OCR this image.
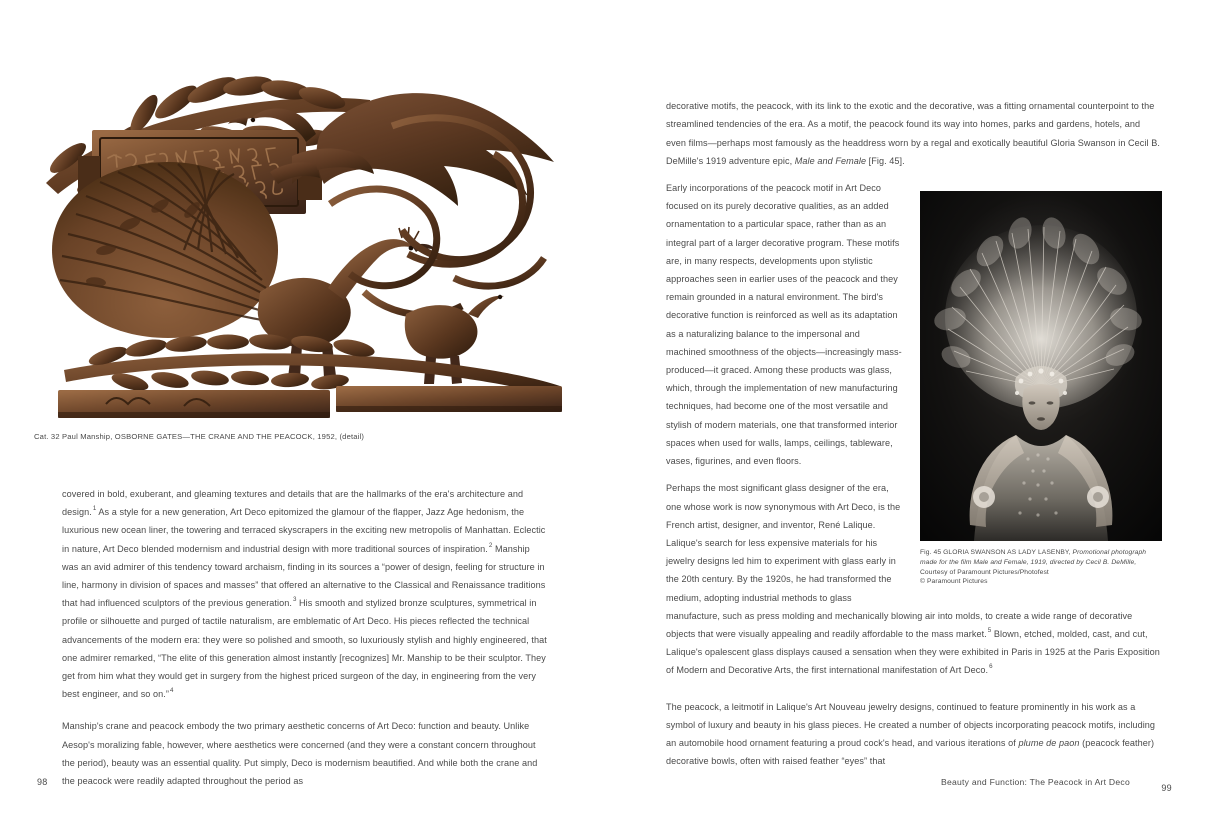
Cat. 32 Paul Manship, OSBORNE GATES—THE CRANE AND THE PEACOCK, 1952, (detail)

covered in bold, exuberant, and gleaming textures and details that are the hallmarks of the era's architecture and design.$^1$ As a style for a new generation, Art Deco epitomized the glamour of the flapper, Jazz Age hedonism, the luxurious new ocean liner, the towering and terraced skyscrapers in the exciting new metropolis of Manhattan. Eclectic in nature, Art Deco blended modernism and industrial design with more traditional sources of inspiration.$^2$ Manship was an avid admirer of this tendency toward archaism, finding in its sources a “power of design, feeling for structure in line, harmony in division of spaces and masses” that offered an alternative to the Classical and Renaissance traditions that had influenced sculptors of the previous generation.$^3$ His smooth and stylized bronze sculptures, symmetrical in profile or silhouette and purged of tactile naturalism, are emblematic of Art Deco. His pieces reflected the technical advancements of the modern era: they were so polished and smooth, so luxuriously stylish and highly engineered, that one admirer remarked, “The elite of this generation almost instantly [recognizes] Mr. Manship to be their sculptor. They get from him what they would get in surgery from the highest priced surgeon of the day, in engineering from the very best engineer, and so on.”$^4$

Manship's crane and peacock embody the two primary aesthetic concerns of Art Deco: function and beauty. Unlike Aesop's moralizing fable, however, where aesthetics were concerned (and they were a constant concern throughout the period), beauty was an essential quality. Put simply, Deco is modernism beautified. And while both the crane and the peacock were readily adapted throughout the period as

98

decorative motifs, the peacock, with its link to the exotic and the decorative, was a fitting ornamental counterpoint to the streamlined tendencies of the era. As a motif, the peacock found its way into homes, parks and gardens, hotels, and even films—perhaps most famously as the headdress worn by a regal and exotically beautiful Gloria Swanson in Cecil B. DeMille's 1919 adventure epic, Male and Female [Fig. 45].

Fig. 45 GLORIA SWANSON AS LADY LASENBY, Promotional photograph made for the film Male and Female, 1919, directed by Cecil B. DeMille,
Courtesy of Paramount Pictures/Photofest
© Paramount Pictures

Early incorporations of the peacock motif in Art Deco focused on its purely decorative qualities, as an added ornamentation to a particular space, rather than as an integral part of a larger decorative program. These motifs are, in many respects, developments upon stylistic approaches seen in earlier uses of the peacock and they remain grounded in a natural environment. The bird's decorative function is reinforced as well as its adaptation as a naturalizing balance to the impersonal and machined smoothness of the objects—increasingly mass-produced—it graced. Among these products was glass, which, through the implementation of new manufacturing techniques, had become one of the most versatile and stylish of modern materials, one that transformed interior spaces when used for walls, lamps, ceilings, tableware, vases, figurines, and even floors.

Perhaps the most significant glass designer of the era, one whose work is now synonymous with Art Deco, is the French artist, designer, and inventor, René Lalique. Lalique's search for less expensive materials for his jewelry designs led him to experiment with glass early in the 20th century. By the 1920s, he had transformed the medium, adopting industrial methods to glass manufacture, such as press molding and mechanically blowing air into molds, to create a wide range of decorative objects that were visually appealing and readily affordable to the mass market.$^5$ Blown, etched, molded, cast, and cut, Lalique's opalescent glass displays caused a sensation when they were exhibited in Paris in 1925 at the Paris Exposition of Modern and Decorative Arts, the first international manifestation of Art Deco.$^6$

The peacock, a leitmotif in Lalique's Art Nouveau jewelry designs, continued to feature prominently in his work as a symbol of luxury and beauty in his glass pieces. He created a number of objects incorporating peacock motifs, including an automobile hood ornament featuring a proud cock's head, and various iterations of plume de paon (peacock feather) decorative bowls, often with raised feather “eyes” that

Beauty and Function: The Peacock in Art Deco
99
